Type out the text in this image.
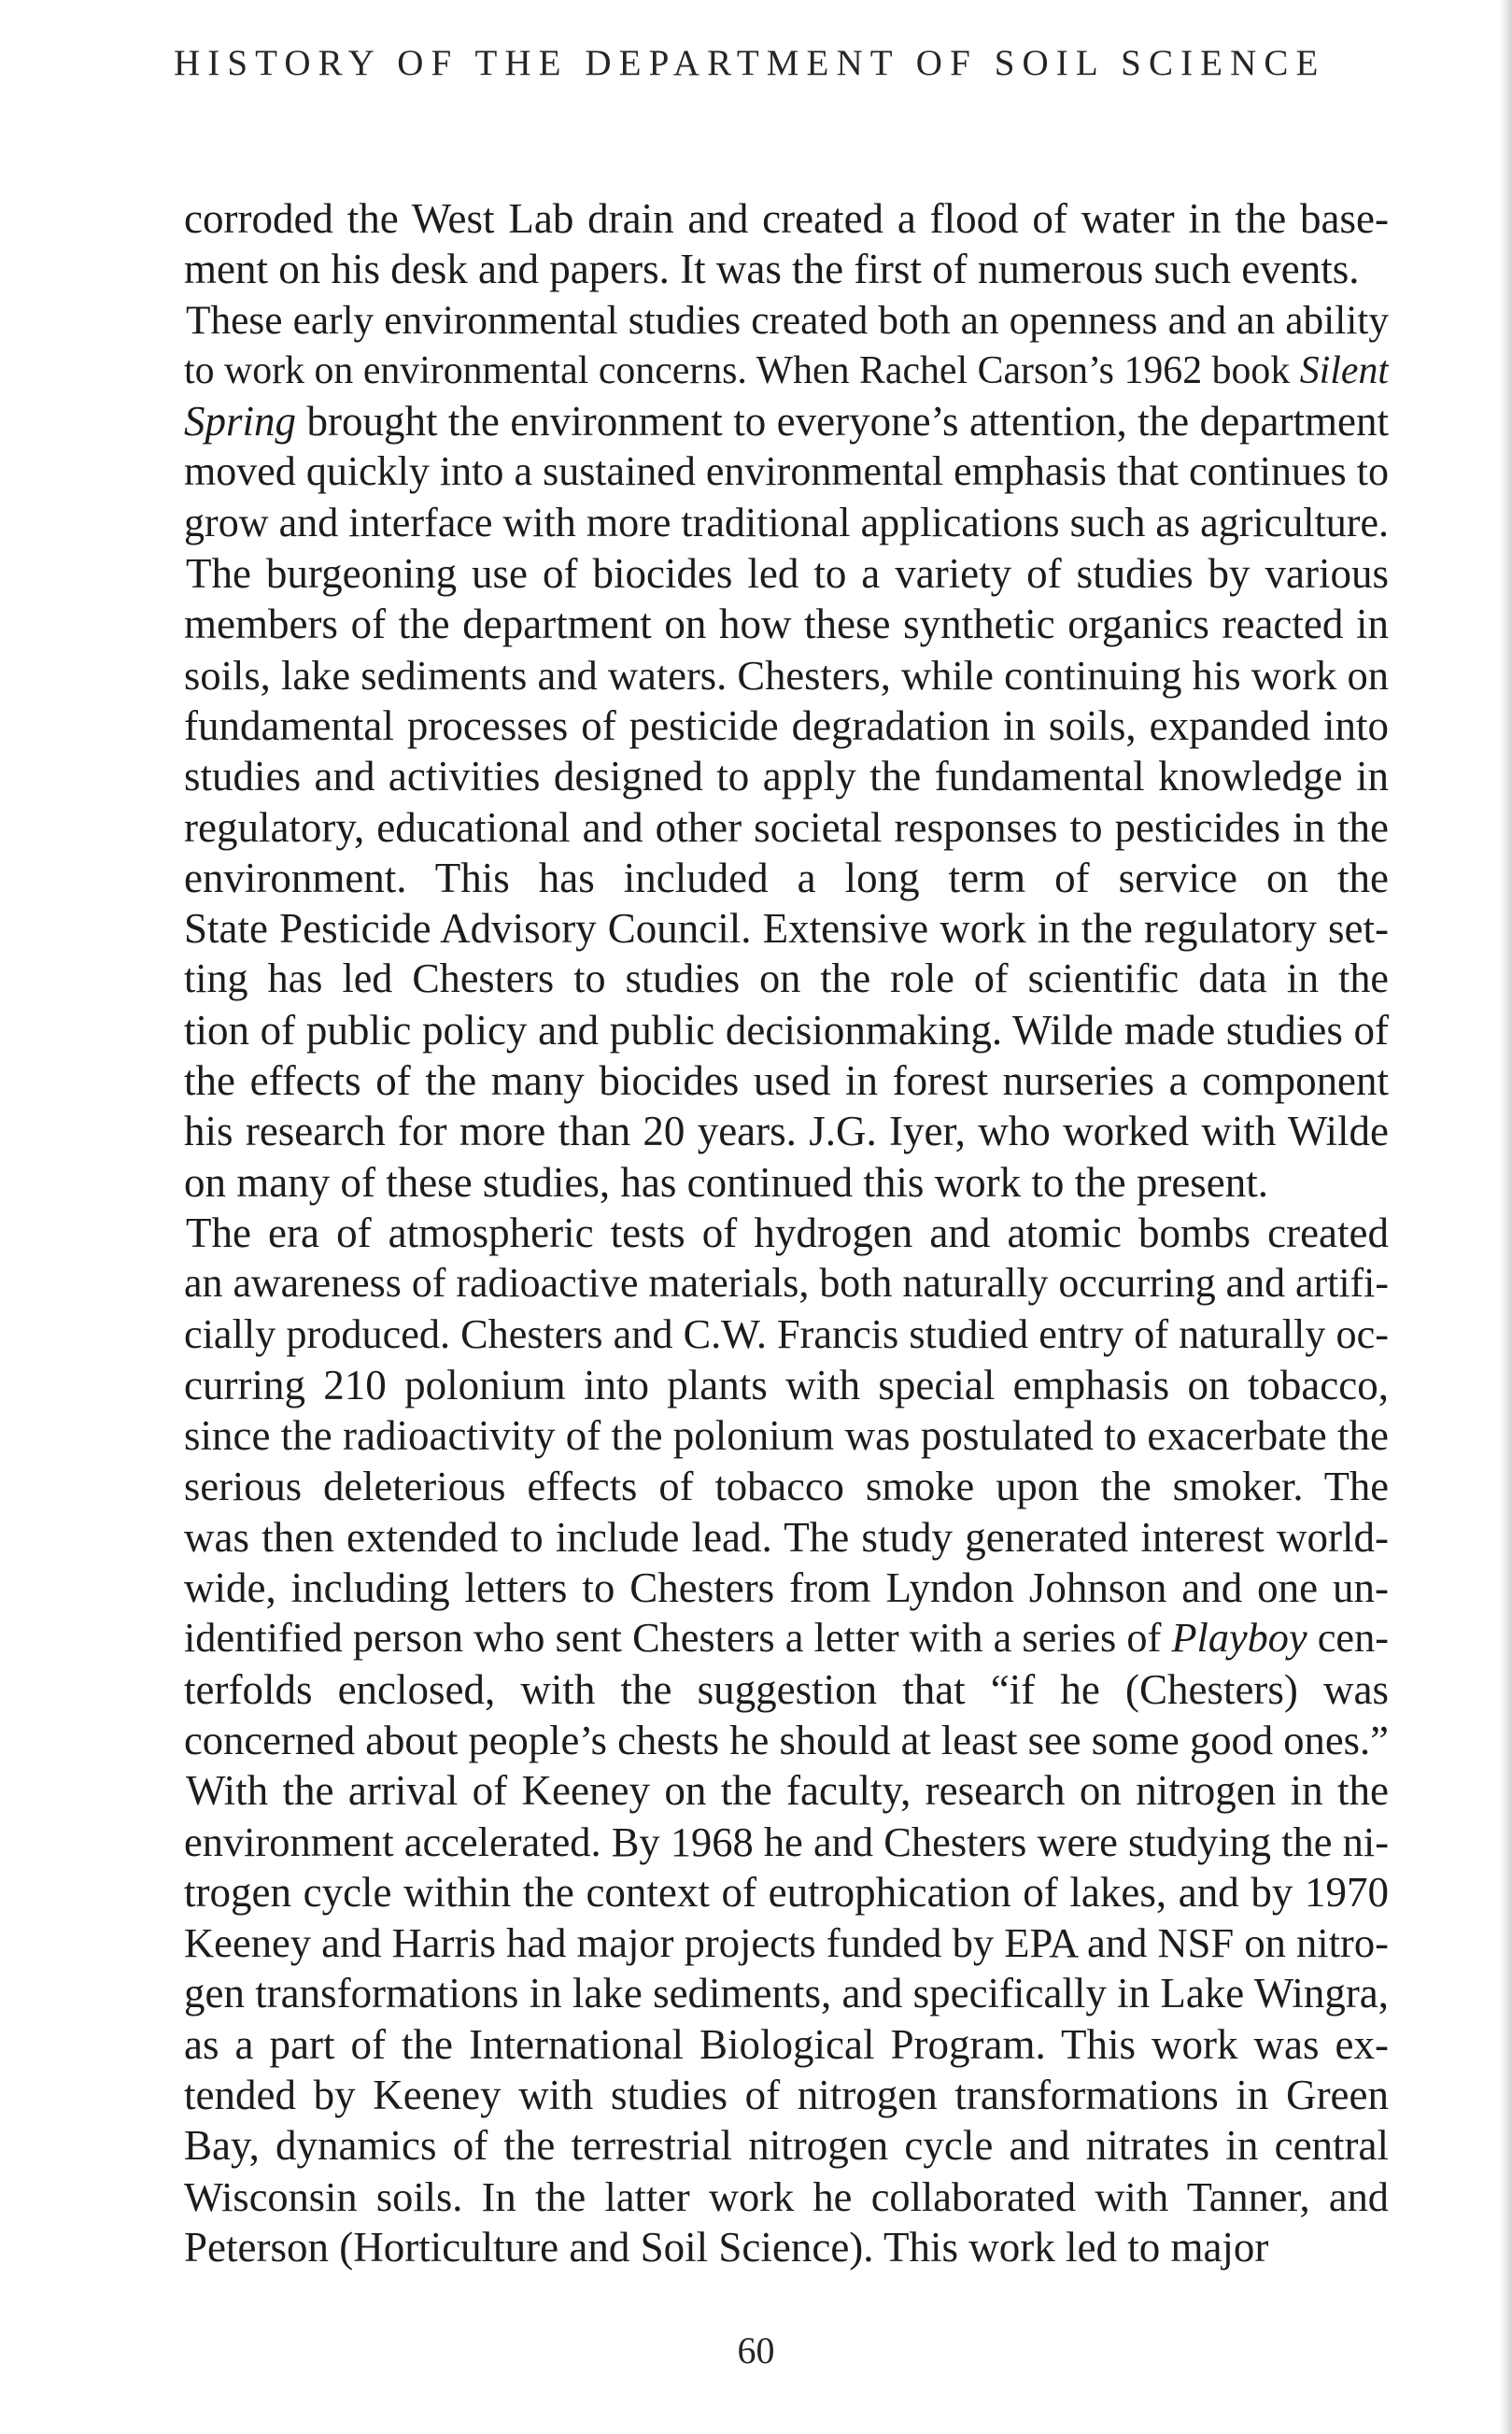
HISTORY OF THE DEPARTMENT OF SOIL SCIENCE
corroded the West Lab drain and created a flood of water in the base-
ment on his desk and papers. It was the first of numerous such events.
These early environmental studies created both an openness and an ability
to work on environmental concerns. When Rachel Carson’s 1962 book Silent
Spring brought the environment to everyone’s attention, the department
moved quickly into a sustained environmental emphasis that continues to
grow and interface with more traditional applications such as agriculture.
The burgeoning use of biocides led to a variety of studies by various
members of the department on how these synthetic organics reacted in
soils, lake sediments and waters. Chesters, while continuing his work on
fundamental processes of pesticide degradation in soils, expanded into
studies and activities designed to apply the fundamental knowledge in
regulatory, educational and other societal responses to pesticides in the
environment. This has included a long term of service on the
State Pesticide Advisory Council. Extensive work in the regulatory set-
ting has led Chesters to studies on the role of scientific data in the
tion of public policy and public decisionmaking. Wilde made studies of
the effects of the many biocides used in forest nurseries a component
his research for more than 20 years. J.G. Iyer, who worked with Wilde
on many of these studies, has continued this work to the present.
The era of atmospheric tests of hydrogen and atomic bombs created
an awareness of radioactive materials, both naturally occurring and artifi-
cially produced. Chesters and C.W. Francis studied entry of naturally oc-
curring 210 polonium into plants with special emphasis on tobacco,
since the radioactivity of the polonium was postulated to exacerbate the
serious deleterious effects of tobacco smoke upon the smoker. The
was then extended to include lead. The study generated interest world-
wide, including letters to Chesters from Lyndon Johnson and one un-
identified person who sent Chesters a letter with a series of Playboy cen-
terfolds enclosed, with the suggestion that “if he (Chesters) was
concerned about people’s chests he should at least see some good ones.”
With the arrival of Keeney on the faculty, research on nitrogen in the
environment accelerated. By 1968 he and Chesters were studying the ni-
trogen cycle within the context of eutrophication of lakes, and by 1970
Keeney and Harris had major projects funded by EPA and NSF on nitro-
gen transformations in lake sediments, and specifically in Lake Wingra,
as a part of the International Biological Program. This work was ex-
tended by Keeney with studies of nitrogen transformations in Green
Bay, dynamics of the terrestrial nitrogen cycle and nitrates in central
Wisconsin soils. In the latter work he collaborated with Tanner, and
Peterson (Horticulture and Soil Science). This work led to major
60
